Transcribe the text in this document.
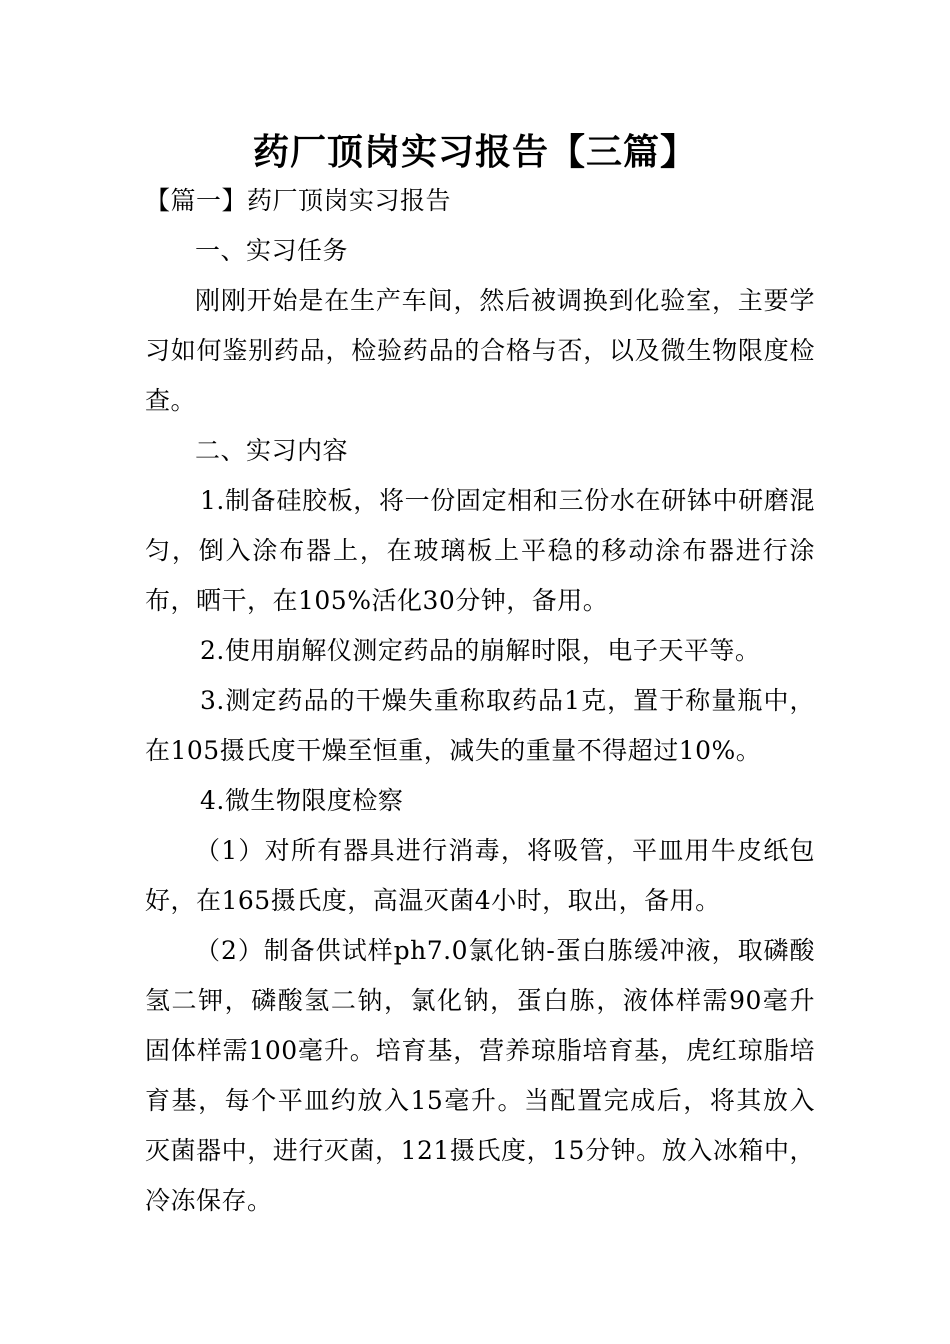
药厂顶岗实习报告【三篇】

【篇一】药厂顶岗实习报告

一、实习任务

刚刚开始是在生产车间，然后被调换到化验室，主要学习如何鉴别药品，检验药品的合格与否，以及微生物限度检查。

二、实习内容

1.制备硅胶板，将一份固定相和三份水在研钵中研磨混匀，倒入涂布器上，在玻璃板上平稳的移动涂布器进行涂布，晒干，在105%活化30分钟，备用。

2.使用崩解仪测定药品的崩解时限，电子天平等。

3.测定药品的干燥失重称取药品1克，置于称量瓶中，在105摄氏度干燥至恒重，减失的重量不得超过10%。

4.微生物限度检察

（1）对所有器具进行消毒，将吸管，平皿用牛皮纸包好，在165摄氏度，高温灭菌4小时，取出，备用。

（2）制备供试样ph7.0氯化钠-蛋白胨缓冲液，取磷酸氢二钾，磷酸氢二钠，氯化钠，蛋白胨，液体样需90毫升固体样需100毫升。培育基，营养琼脂培育基，虎红琼脂培育基，每个平皿约放入15毫升。当配置完成后，将其放入灭菌器中，进行灭菌，121摄氏度，15分钟。放入冰箱中，冷冻保存。
